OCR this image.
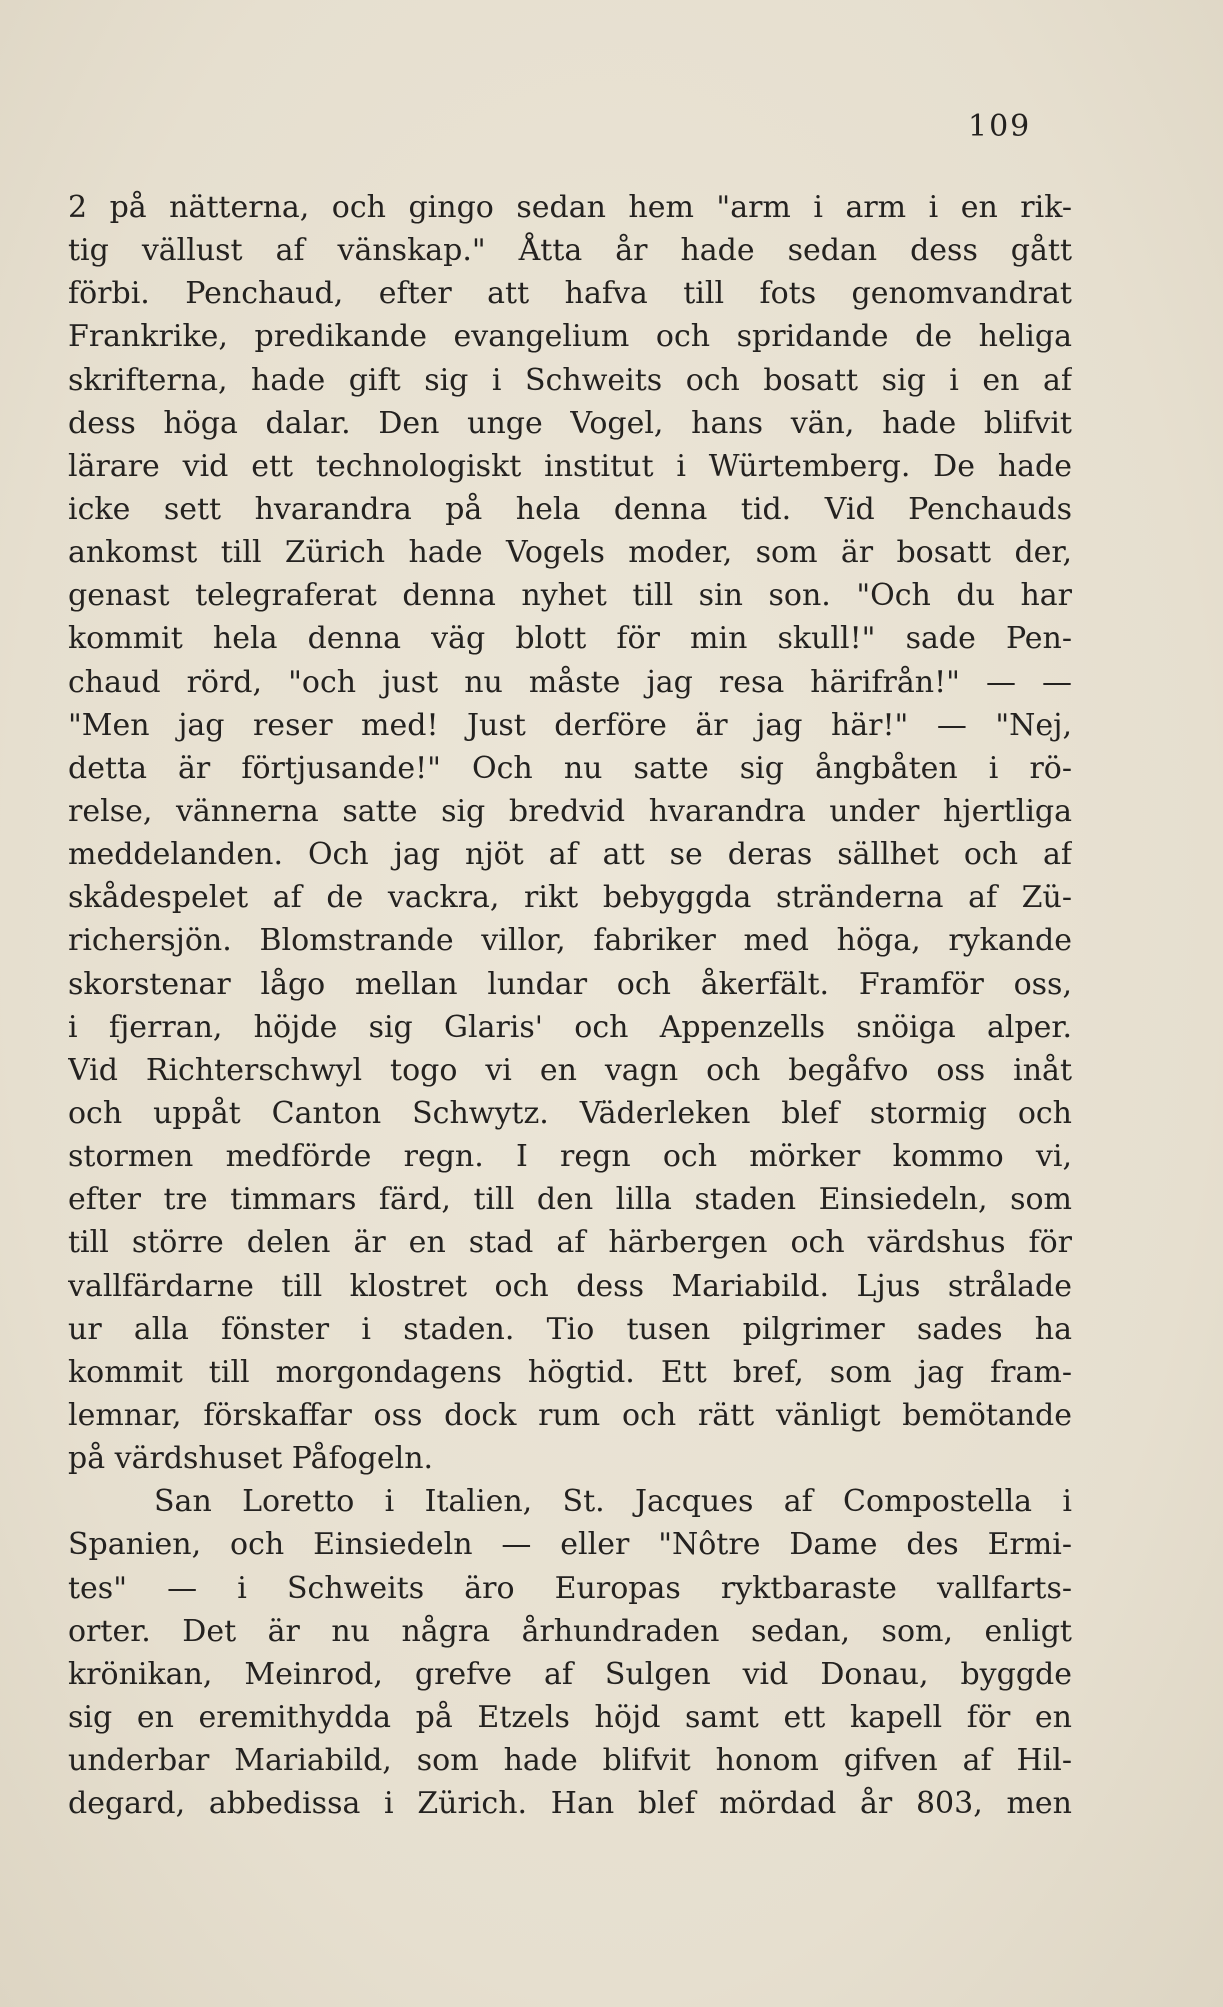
109
2 på nätterna, och gingo sedan hem "arm i arm i en rik-
tig vällust af vänskap." Åtta år hade sedan dess gått
förbi. Penchaud, efter att hafva till fots genomvandrat
Frankrike, predikande evangelium och spridande de heliga
skrifterna, hade gift sig i Schweits och bosatt sig i en af
dess höga dalar. Den unge Vogel, hans vän, hade blifvit
lärare vid ett technologiskt institut i Würtemberg. De hade
icke sett hvarandra på hela denna tid. Vid Penchauds
ankomst till Zürich hade Vogels moder, som är bosatt der,
genast telegraferat denna nyhet till sin son. "Och du har
kommit hela denna väg blott för min skull!" sade Pen-
chaud rörd, "och just nu måste jag resa härifrån!" — —
"Men jag reser med! Just derföre är jag här!" — "Nej,
detta är förtjusande!" Och nu satte sig ångbåten i rö-
relse, vännerna satte sig bredvid hvarandra under hjertliga
meddelanden. Och jag njöt af att se deras sällhet och af
skådespelet af de vackra, rikt bebyggda stränderna af Zü-
richersjön. Blomstrande villor, fabriker med höga, rykande
skorstenar lågo mellan lundar och åkerfält. Framför oss,
i fjerran, höjde sig Glaris' och Appenzells snöiga alper.
Vid Richterschwyl togo vi en vagn och begåfvo oss inåt
och uppåt Canton Schwytz. Väderleken blef stormig och
stormen medförde regn. I regn och mörker kommo vi,
efter tre timmars färd, till den lilla staden Einsiedeln, som
till större delen är en stad af härbergen och värdshus för
vallfärdarne till klostret och dess Mariabild. Ljus strålade
ur alla fönster i staden. Tio tusen pilgrimer sades ha
kommit till morgondagens högtid. Ett bref, som jag fram-
lemnar, förskaffar oss dock rum och rätt vänligt bemötande
på värdshuset Påfogeln.
San Loretto i Italien, St. Jacques af Compostella i
Spanien, och Einsiedeln — eller "Nôtre Dame des Ermi-
tes" — i Schweits äro Europas ryktbaraste vallfarts-
orter. Det är nu några århundraden sedan, som, enligt
krönikan, Meinrod, grefve af Sulgen vid Donau, byggde
sig en eremithydda på Etzels höjd samt ett kapell för en
underbar Mariabild, som hade blifvit honom gifven af Hil-
degard, abbedissa i Zürich. Han blef mördad år 803, men
